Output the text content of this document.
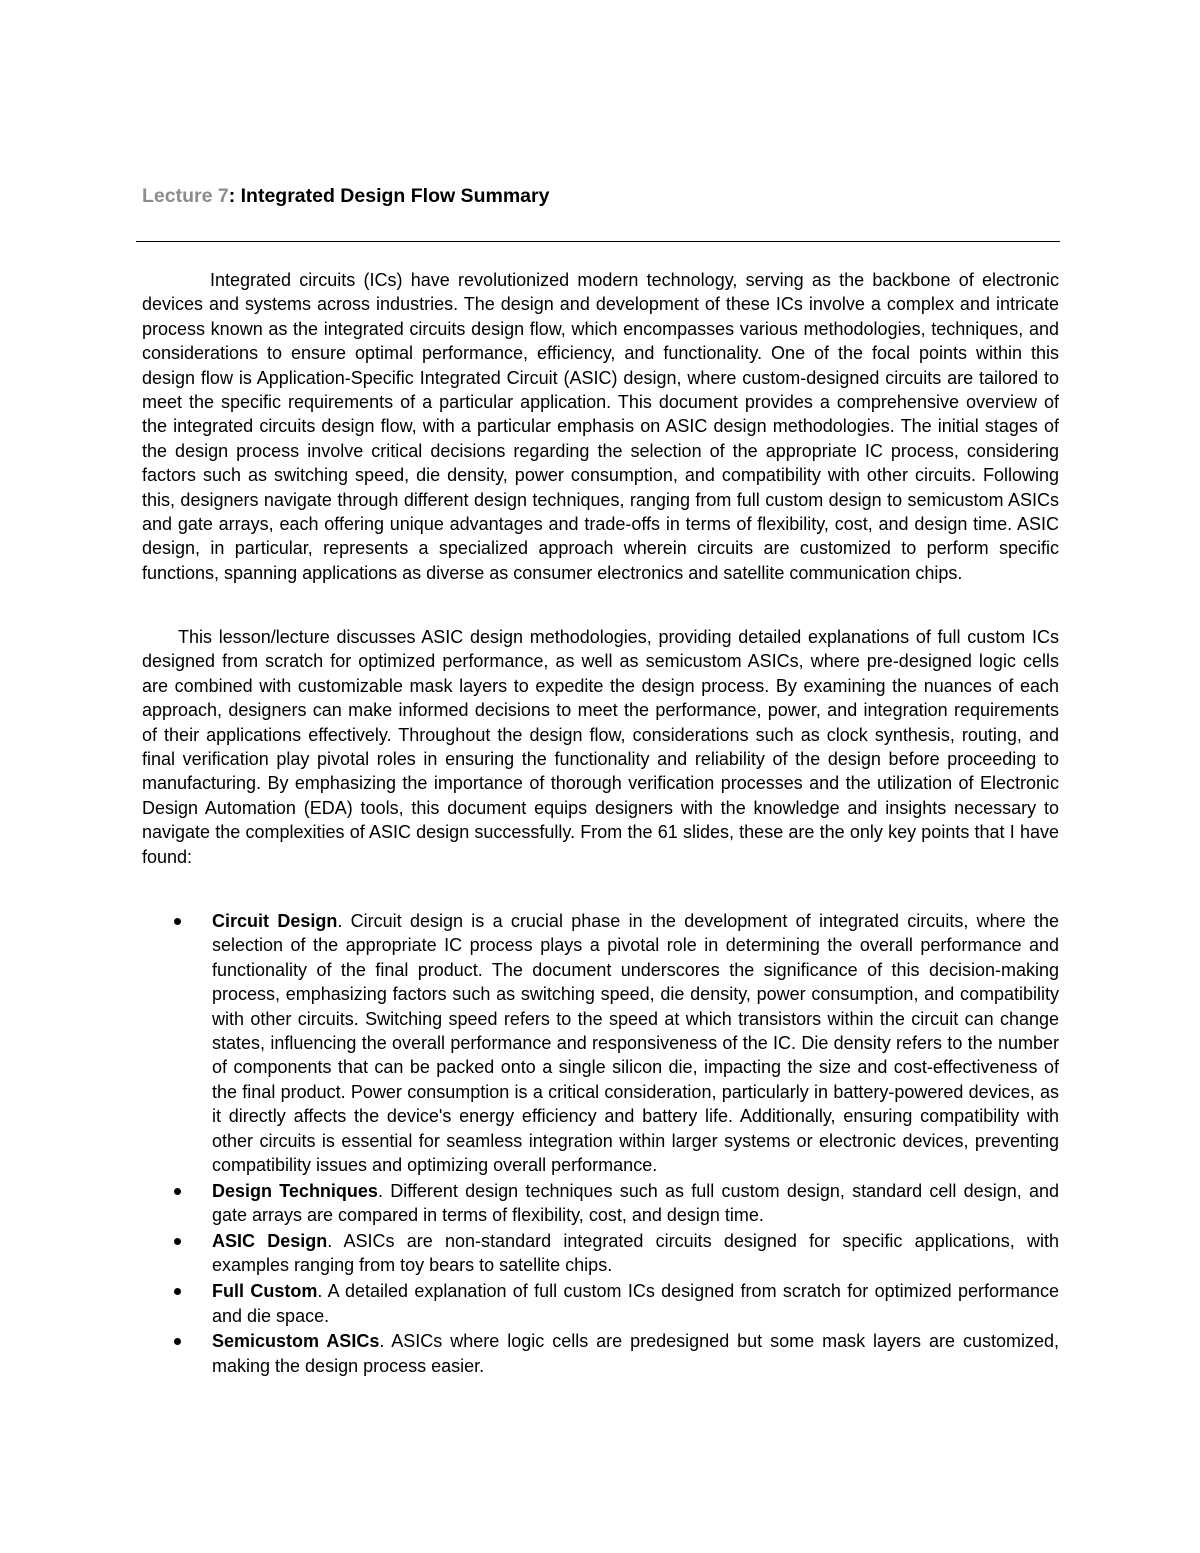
Lecture 7: Integrated Design Flow Summary

Integrated circuits (ICs) have revolutionized modern technology, serving as the backbone of electronic devices and systems across industries. The design and development of these ICs involve a complex and intricate process known as the integrated circuits design flow, which encompasses various methodologies, techniques, and considerations to ensure optimal performance, efficiency, and functionality. One of the focal points within this design flow is Application-Specific Integrated Circuit (ASIC) design, where custom-designed circuits are tailored to meet the specific requirements of a particular application. This document provides a comprehensive overview of the integrated circuits design flow, with a particular emphasis on ASIC design methodologies. The initial stages of the design process involve critical decisions regarding the selection of the appropriate IC process, considering factors such as switching speed, die density, power consumption, and compatibility with other circuits. Following this, designers navigate through different design techniques, ranging from full custom design to semicustom ASICs and gate arrays, each offering unique advantages and trade-offs in terms of flexibility, cost, and design time. ASIC design, in particular, represents a specialized approach wherein circuits are customized to perform specific functions, spanning applications as diverse as consumer electronics and satellite communication chips.

This lesson/lecture discusses ASIC design methodologies, providing detailed explanations of full custom ICs designed from scratch for optimized performance, as well as semicustom ASICs, where pre-designed logic cells are combined with customizable mask layers to expedite the design process. By examining the nuances of each approach, designers can make informed decisions to meet the performance, power, and integration requirements of their applications effectively. Throughout the design flow, considerations such as clock synthesis, routing, and final verification play pivotal roles in ensuring the functionality and reliability of the design before proceeding to manufacturing. By emphasizing the importance of thorough verification processes and the utilization of Electronic Design Automation (EDA) tools, this document equips designers with the knowledge and insights necessary to navigate the complexities of ASIC design successfully. From the 61 slides, these are the only key points that I have found:

Circuit Design. Circuit design is a crucial phase in the development of integrated circuits, where the selection of the appropriate IC process plays a pivotal role in determining the overall performance and functionality of the final product. The document underscores the significance of this decision-making process, emphasizing factors such as switching speed, die density, power consumption, and compatibility with other circuits. Switching speed refers to the speed at which transistors within the circuit can change states, influencing the overall performance and responsiveness of the IC. Die density refers to the number of components that can be packed onto a single silicon die, impacting the size and cost-effectiveness of the final product. Power consumption is a critical consideration, particularly in battery-powered devices, as it directly affects the device's energy efficiency and battery life. Additionally, ensuring compatibility with other circuits is essential for seamless integration within larger systems or electronic devices, preventing compatibility issues and optimizing overall performance.
Design Techniques. Different design techniques such as full custom design, standard cell design, and gate arrays are compared in terms of flexibility, cost, and design time.
ASIC Design. ASICs are non-standard integrated circuits designed for specific applications, with examples ranging from toy bears to satellite chips.
Full Custom. A detailed explanation of full custom ICs designed from scratch for optimized performance and die space.
Semicustom ASICs. ASICs where logic cells are predesigned but some mask layers are customized, making the design process easier.
